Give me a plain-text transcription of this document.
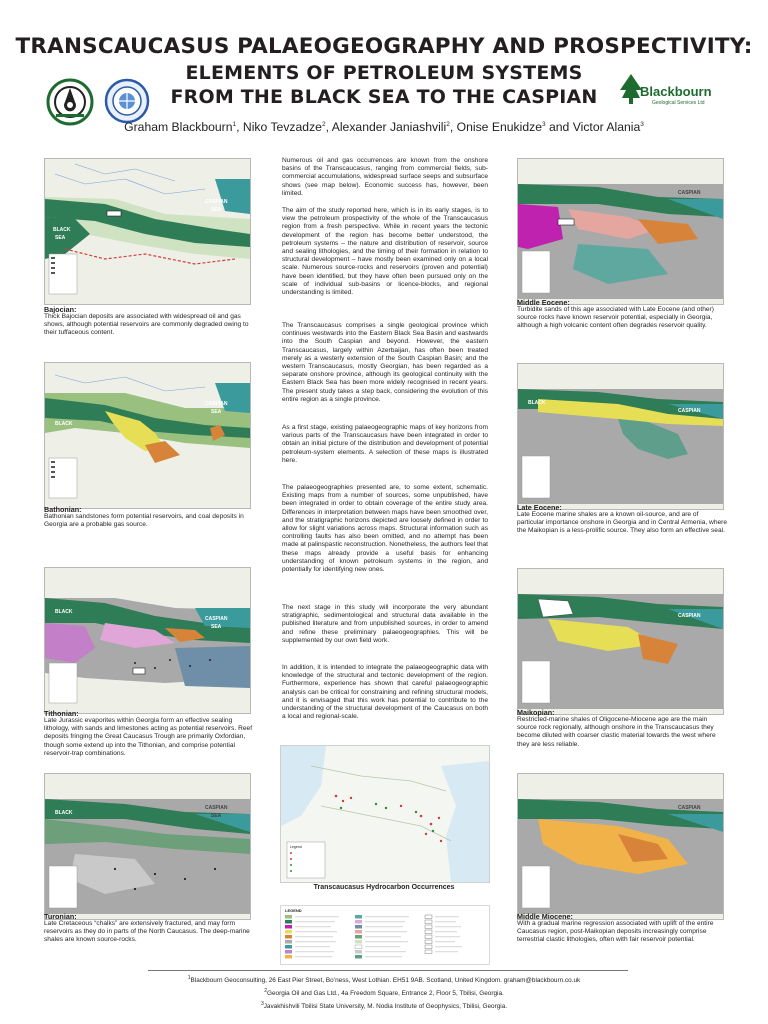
TRANSCAUCASUS PALAEOGEOGRAPHY AND PROSPECTIVITY:
ELEMENTS OF PETROLEUM SYSTEMS
FROM THE BLACK SEA TO THE CASPIAN	Blackbourn
Geological Services Ltd
Graham Blackbourn$^1$, Niko Tevzadze$^2$, Alexander Janiashvili$^2$, Onise Enukidze$^3$ and Victor Alania$^3$
BLACK
SEA
CASPIAN
SEA
Bajocian:
Thick Bajocian deposits are associated with widespread oil and gas shows, although potential reservoirs are commonly degraded owing to their tuffaceous content.
BLACK
CASPIAN
SEA
Bathonian:
Bathonian sandstones form potential reservoirs, and coal deposits in Georgia are a probable gas source.
BLACK
CASPIAN
SEA
Tithonian:
Late Jurassic evaporites within Georgia form an effective sealing lithology, with sands and limestones acting as potential reservoirs. Reef deposits fringing the Great Caucasus Trough are primarily Oxfordian, though some extend up into the Tithonian, and comprise potential reservoir-trap combinations.
BLACK
CASPIAN
SEA
Turonian:
Late Cretaceous “chalks” are extensively fractured, and may form reservoirs as they do in parts of the North Caucasus. The deep-marine shales are known source-rocks.
CASPIAN
Middle Eocene:
Turbidite sands of this age associated with Late Eocene (and other) source rocks have known reservoir potential, especially in Georgia, although a high volcanic content often degrades reservoir quality.
BLACK
CASPIAN
Late Eocene:
Late Eocene marine shales are a known oil-source, and are of particular importance onshore in Georgia and in Central Armenia, where the Maikopian is a less-prolific source. They also form an effective seal.
CASPIAN
Maikopian:
Restricted-marine shales of Oligocene-Miocene age are the main source rock regionally, although onshore in the Transcaucasus they become diluted with coarser clastic material towards the west where they are less reliable.
CASPIAN
Middle Miocene:
With a gradual marine regression associated with uplift of the entire Caucasus region, post-Maikopian deposits increasingly comprise terrestrial clastic lithologies, often with fair reservoir potential.

Numerous oil and gas occurrences are known from the onshore basins of the Transcaucasus, ranging from commercial fields, sub-commercial accumulations, widespread surface seeps and subsurface shows (see map below). Economic success has, however, been limited.

The aim of the study reported here, which is in its early stages, is to view the petroleum prospectivity of the whole of the Transcaucasus region from a fresh perspective. While in recent years the tectonic development of the region has become better understood, the petroleum systems – the nature and distribution of reservoir, source and sealing lithologies, and the timing of their formation in relation to structural development – have mostly been examined only on a local scale. Numerous source-rocks and reservoirs (proven and potential) have been identified, but they have often been pursued only on the scale of individual sub-basins or licence-blocks, and regional understanding is limited.

The Transcaucasus comprises a single geological province which continues westwards into the Eastern Black Sea Basin and eastwards into the South Caspian and beyond. However, the eastern Transcaucasus, largely within Azerbaijan, has often been treated merely as a westerly extension of the South Caspian Basin; and the western Transcaucasus, mostly Georgian, has been regarded as a separate onshore province, although its geological continuity with the Eastern Black Sea has been more widely recognised in recent years. The present study takes a step back, considering the evolution of this entire region as a single province.

As a first stage, existing palaeogeographic maps of key horizons from various parts of the Transcaucasus have been integrated in order to obtain an initial picture of the distribution and development of potential petroleum-system elements. A selection of these maps is illustrated here.

The palaeogeographies presented are, to some extent, schematic. Existing maps from a number of sources, some unpublished, have been integrated in order to obtain coverage of the entire study area. Differences in interpretation between maps have been smoothed over, and the stratigraphic horizons depicted are loosely defined in order to allow for slight variations across maps. Structural information such as controlling faults has also been omitted, and no attempt has been made at palinspastic reconstruction. Nonetheless, the authors feel that these maps already provide a useful basis for enhancing understanding of known petroleum systems in the region, and potentially for identifying new ones.

The next stage in this study will incorporate the very abundant stratigraphic, sedimentological and structural data available in the published literature and from unpublished sources, in order to amend and refine these preliminary palaeogeographies. This will be supplemented by our own field work.

In addition, it is intended to integrate the palaeogeographic data with knowledge of the structural and tectonic development of the region. Furthermore, experience has shown that careful palaeogeographic analysis can be critical for constraining and refining structural models, and it is envisaged that this work has potential to contribute to the understanding of the structural development of the Caucasus on both a local and regional-scale.

Legend
Transcaucasus Hydrocarbon Occurrences
LEGEND
$^1$Blackbourn Geoconsulting, 26 East Pier Street, Bo’ness, West Lothian. EH51 9AB. Scotland, United Kingdom. graham@blackbourn.co.uk
$^2$Georgia Oil and Gas Ltd., 4a Freedom Square, Entrance 2, Floor 5, Tbilisi, Georgia.
$^3$Javakhishvili Tbilisi State University, M. Nodia Institute of Geophysics, Tbilisi, Georgia.
